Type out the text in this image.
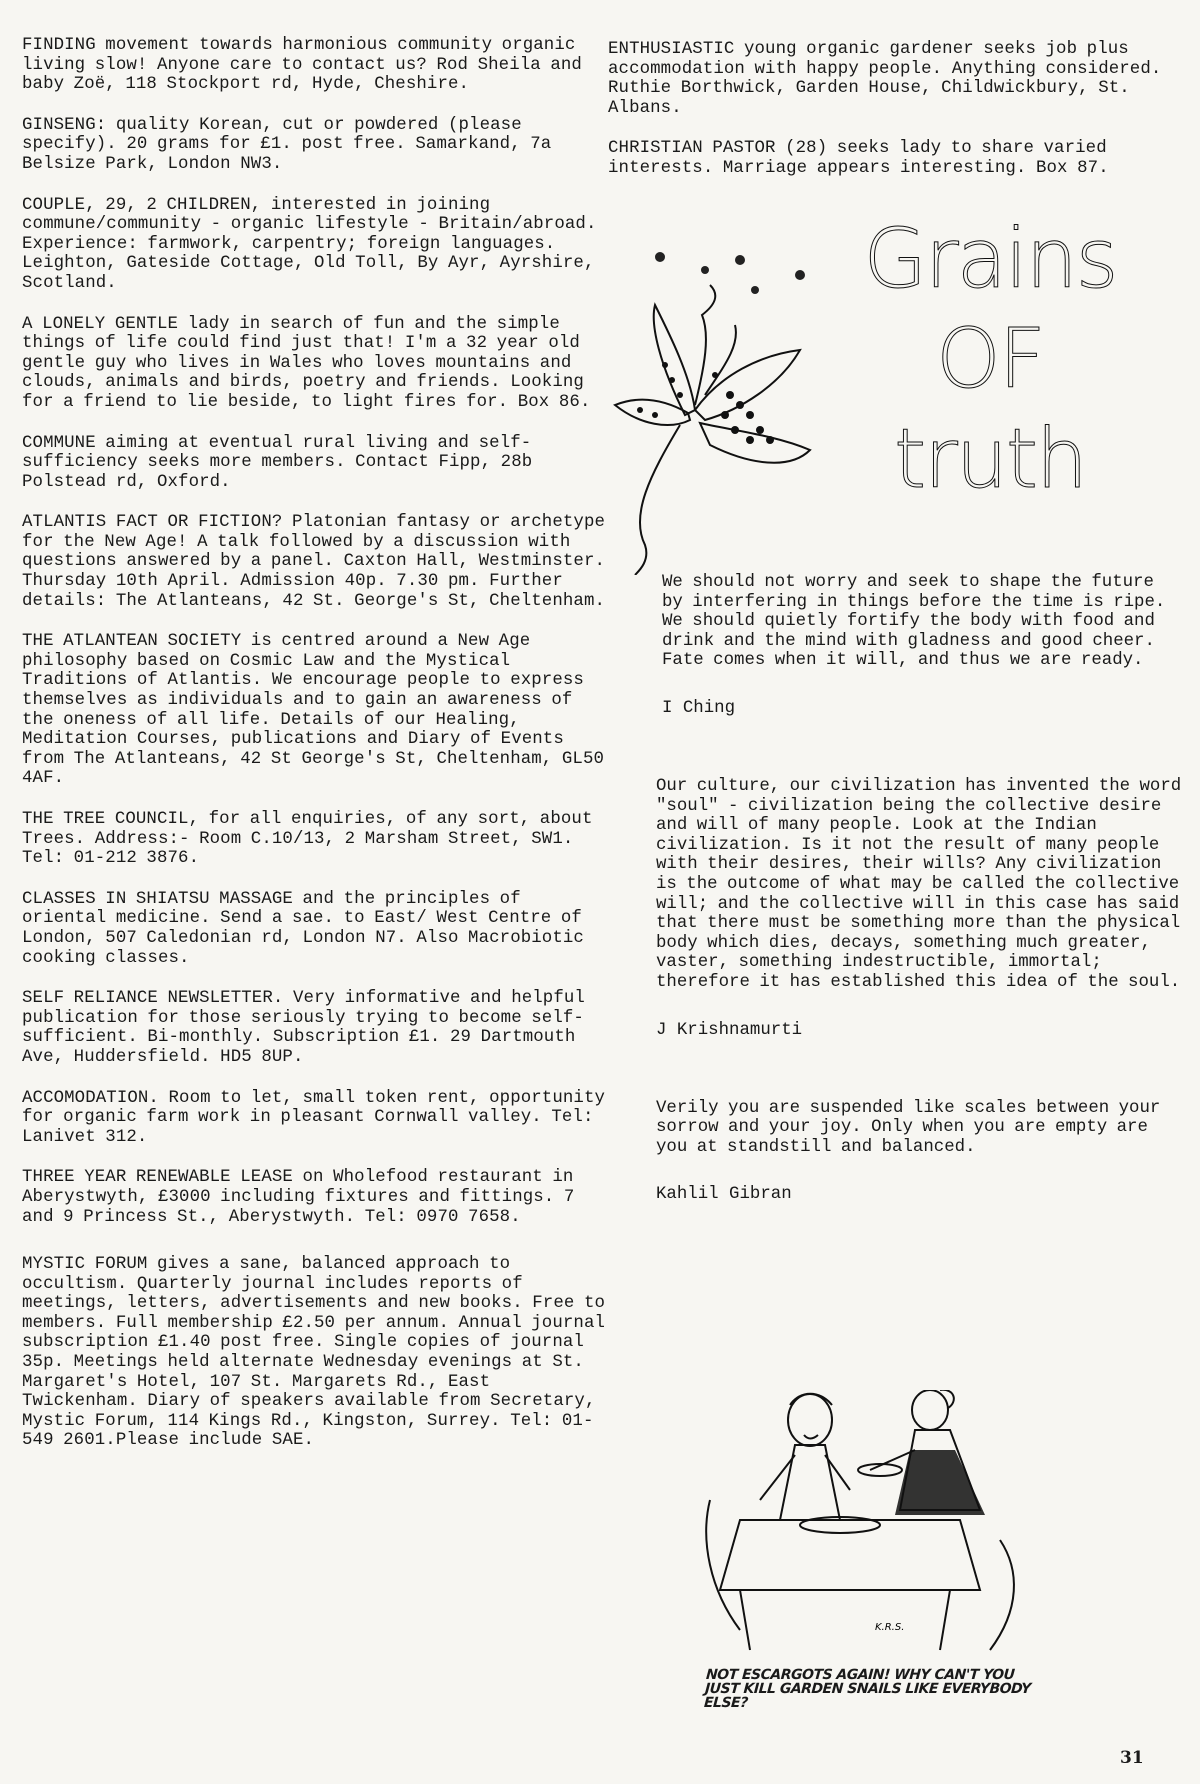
FINDING movement towards harmonious community organic living slow! Anyone care to contact us? Rod Sheila and baby Zoë, 118 Stockport rd, Hyde, Cheshire.

GINSENG: quality Korean, cut or powdered (please specify). 20 grams for £1. post free. Samarkand, 7a Belsize Park, London NW3.

COUPLE, 29, 2 CHILDREN, interested in joining commune/community - organic lifestyle - Britain/abroad. Experience: farmwork, carpentry; foreign languages. Leighton, Gateside Cottage, Old Toll, By Ayr, Ayrshire, Scotland.

A LONELY GENTLE lady in search of fun and the simple things of life could find just that! I'm a 32 year old gentle guy who lives in Wales who loves mountains and clouds, animals and birds, poetry and friends. Looking for a friend to lie beside, to light fires for. Box 86.

COMMUNE aiming at eventual rural living and self-sufficiency seeks more members. Contact Fipp, 28b Polstead rd, Oxford.

ATLANTIS FACT OR FICTION? Platonian fantasy or archetype for the New Age! A talk followed by a discussion with questions answered by a panel. Caxton Hall, Westminster. Thursday 10th April. Admission 40p. 7.30 pm. Further details: The Atlanteans, 42 St. George's St, Cheltenham.

THE ATLANTEAN SOCIETY is centred around a New Age philosophy based on Cosmic Law and the Mystical Traditions of Atlantis. We encourage people to express themselves as individuals and to gain an awareness of the oneness of all life. Details of our Healing, Meditation Courses, publications and Diary of Events from The Atlanteans, 42 St George's St, Cheltenham, GL50 4AF.

THE TREE COUNCIL, for all enquiries, of any sort, about Trees. Address:- Room C.10/13, 2 Marsham Street, SW1. Tel: 01-212 3876.

CLASSES IN SHIATSU MASSAGE and the principles of oriental medicine. Send a sae. to East/ West Centre of London, 507 Caledonian rd, London N7. Also Macrobiotic cooking classes.

SELF RELIANCE NEWSLETTER. Very informative and helpful publication for those seriously trying to become self-sufficient. Bi-monthly. Subscription £1. 29 Dartmouth Ave, Huddersfield. HD5 8UP.

ACCOMODATION. Room to let, small token rent, opportunity for organic farm work in pleasant Cornwall valley. Tel: Lanivet 312.

THREE YEAR RENEWABLE LEASE on Wholefood restaurant in Aberystwyth, £3000 including fixtures and fittings. 7 and 9 Princess St., Aberystwyth. Tel: 0970 7658.

MYSTIC FORUM gives a sane, balanced approach to occultism. Quarterly journal includes reports of meetings, letters, advertisements and new books. Free to members. Full membership £2.50 per annum. Annual journal subscription £1.40 post free. Single copies of journal 35p. Meetings held alternate Wednesday evenings at St. Margaret's Hotel, 107 St. Margarets Rd., East Twickenham. Diary of speakers available from Secretary, Mystic Forum, 114 Kings Rd., Kingston, Surrey. Tel: 01-549 2601.Please include SAE.

ENTHUSIASTIC young organic gardener seeks job plus accommodation with happy people. Anything considered. Ruthie Borthwick, Garden House, Childwickbury, St. Albans.

CHRISTIAN PASTOR (28) seeks lady to share varied interests. Marriage appears interesting. Box 87.

Grains
OF
truth

We should not worry and seek to shape the future by interfering in things before the time is ripe. We should quietly fortify the body with food and drink and the mind with gladness and good cheer. Fate comes when it will, and thus we are ready.

I Ching

Our culture, our civilization has invented the word "soul" - civilization being the collective desire and will of many people. Look at the Indian civilization. Is it not the result of many people with their desires, their wills? Any civilization is the outcome of what may be called the collective will; and the collective will in this case has said that there must be something more than the physical body which dies, decays, something much greater, vaster, something indestructible, immortal; therefore it has established this idea of the soul.

J Krishnamurti

Verily you are suspended like scales between your sorrow and your joy. Only when you are empty are you at standstill and balanced.

Kahlil Gibran

K.R.S.
NOT ESCARGOTS AGAIN! WHY CAN'T YOU JUST KILL GARDEN SNAILS LIKE EVERYBODY ELSE?
31
